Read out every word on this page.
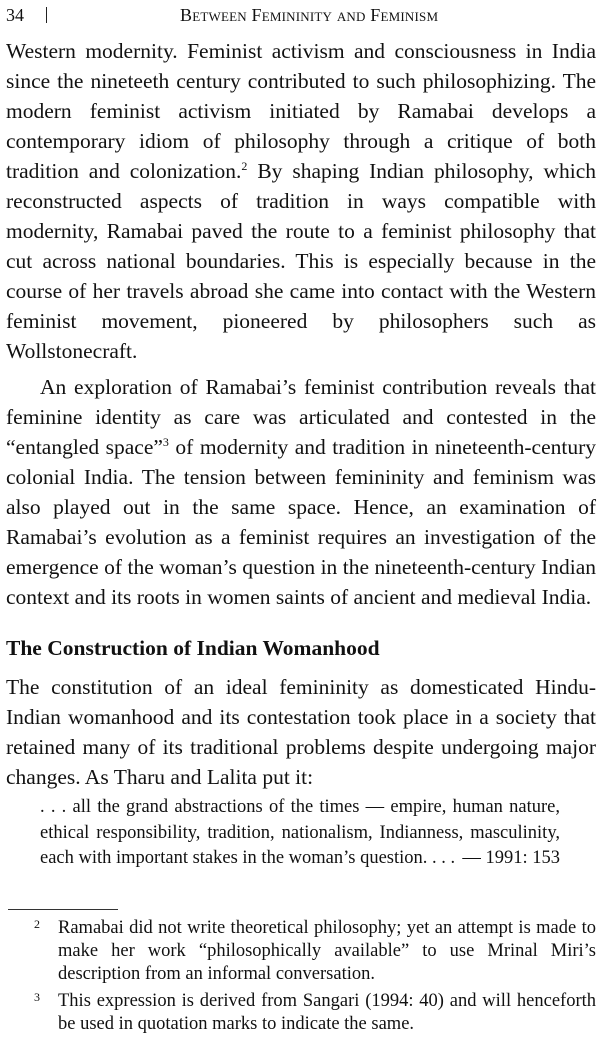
34	Between Femininity and Feminism

Western modernity. Feminist activism and consciousness in India since the nineteeth century contributed to such philosophizing. The modern feminist activism initiated by Ramabai develops a contemporary idiom of philosophy through a critique of both tradition and colonization.$^2$ By shaping Indian philosophy, which reconstructed aspects of tradition in ways compatible with modernity, Ramabai paved the route to a feminist philosophy that cut across national boundaries. This is especially because in the course of her travels abroad she came into contact with the Western feminist movement, pioneered by philosophers such as Wollstonecraft.

An exploration of Ramabai’s feminist contribution reveals that feminine identity as care was articulated and contested in the “entangled space”$^3$ of modernity and tradition in nineteenth-century colonial India. The tension between femininity and feminism was also played out in the same space. Hence, an examination of Ramabai’s evolution as a feminist requires an investigation of the emergence of the woman’s question in the nineteenth-century Indian context and its roots in women saints of ancient and medieval India.

The Construction of Indian Womanhood

The constitution of an ideal femininity as domesticated Hindu-Indian womanhood and its contestation took place in a society that retained many of its traditional problems despite undergoing major changes. As Tharu and Lalita put it:

. . . all the grand abstractions of the times — empire, human nature, ethical responsibility, tradition, nationalism, Indianness, masculinity, each with important stakes in the woman’s question. . . . — 1991: 153

2 Ramabai did not write theoretical philosophy; yet an attempt is made to make her work “philosophically available” to use Mrinal Miri’s description from an informal conversation.

3 This expression is derived from Sangari (1994: 40) and will henceforth be used in quotation marks to indicate the same.
